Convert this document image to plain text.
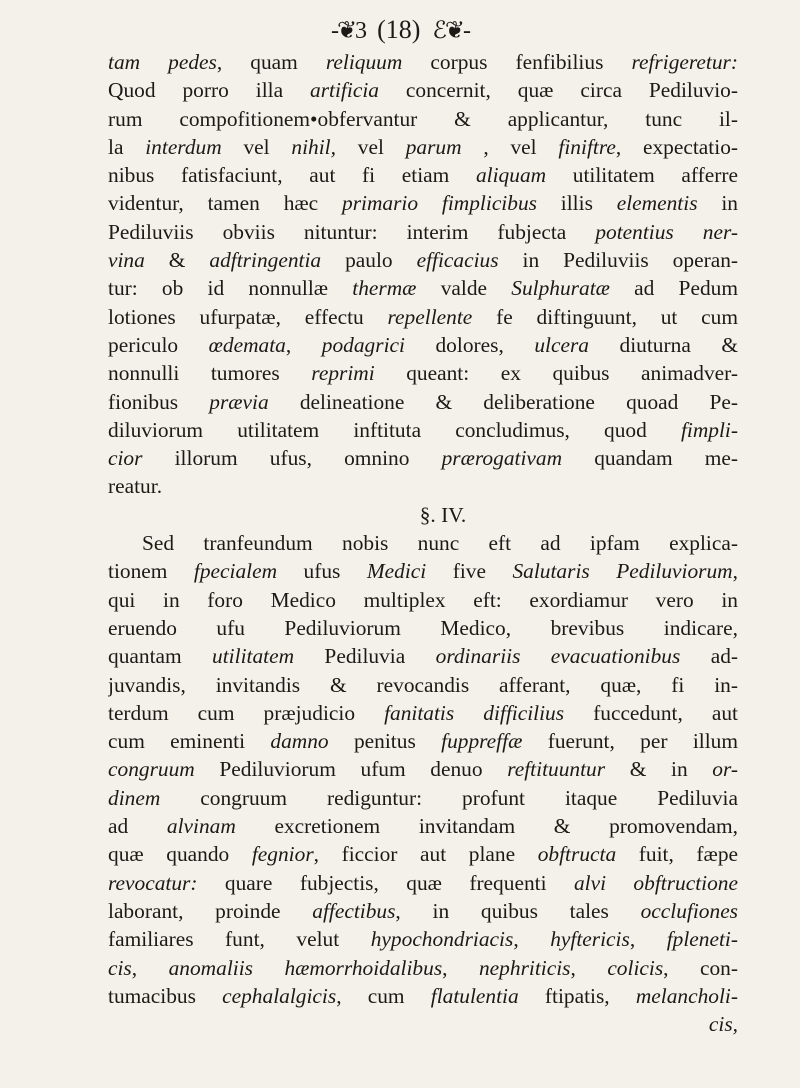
-❦3 (18) ℰ❦-
tam pedes, quam reliquum corpus fenfibilius refrigeretur:
Quod porro illa artificia concernit, quæ circa Pediluvio-
rum compofitionem•obfervantur & applicantur, tunc il-
la interdum vel nihil, vel parum , vel finiftre, expectatio-
nibus fatisfaciunt, aut fi etiam aliquam utilitatem afferre
videntur, tamen hæc primario fimplicibus illis elementis in
Pediluviis obviis nituntur: interim fubjecta potentius ner-
vina & adftringentia paulo efficacius in Pediluviis operan-
tur: ob id nonnullæ thermæ valde Sulphuratæ ad Pedum
lotiones ufurpatæ, effectu repellente fe diftinguunt, ut cum
periculo œdemata, podagrici dolores, ulcera diuturna &
nonnulli tumores reprimi queant: ex quibus animadver-
fionibus prævia delineatione & deliberatione quoad Pe-
diluviorum utilitatem inftituta concludimus, quod fimpli-
cior illorum ufus, omnino prærogativam quandam me-
reatur.
§. IV.
Sed tranfeundum nobis nunc eft ad ipfam explica-
tionem fpecialem ufus Medici five Salutaris Pediluviorum,
qui in foro Medico multiplex eft: exordiamur vero in
eruendo ufu Pediluviorum Medico, brevibus indicare,
quantam utilitatem Pediluvia ordinariis evacuationibus ad-
juvandis, invitandis & revocandis afferant, quæ, fi in-
terdum cum præjudicio fanitatis difficilius fuccedunt, aut
cum eminenti damno penitus fuppreffæ fuerunt, per illum
congruum Pediluviorum ufum denuo reftituuntur & in or-
dinem congruum rediguntur: profunt itaque Pediluvia
ad alvinam excretionem invitandam & promovendam,
quæ quando fegnior, ficcior aut plane obftructa fuit, fæpe
revocatur: quare fubjectis, quæ frequenti alvi obftructione
laborant, proinde affectibus, in quibus tales occlufiones
familiares funt, velut hypochondriacis, hyftericis, fpleneti-
cis, anomaliis hæmorrhoidalibus, nephriticis, colicis, con-
tumacibus cephalalgicis, cum flatulentia ftipatis, melancholi-
cis,
